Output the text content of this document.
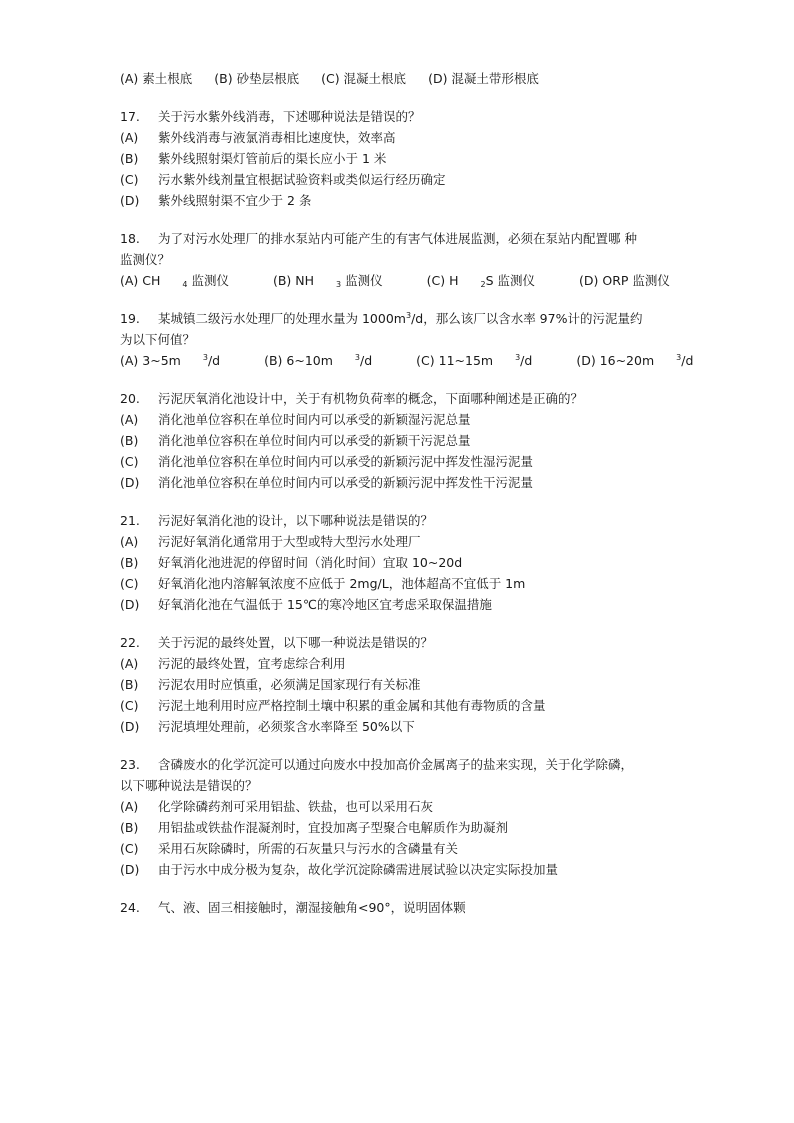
(A) 素土根底 (B) 砂垫层根底 (C) 混凝土根底 (D) 混凝土带形根底
17.	关于污水紫外线消毒，下述哪种说法是错误的？
(A)	紫外线消毒与液氯消毒相比速度快，效率高
(B)	紫外线照射渠灯管前后的渠长应小于 1 米
(C)	污水紫外线剂量宜根据试验资料或类似运行经历确定
(D)	紫外线照射渠不宜少于 2 条
18.	为了对污水处理厂的排水泵站内可能产生的有害气体进展监测，必须在泵站内配置哪 种
监测仪？
(A) CH	$_4$ 监测仪	(B) NH	$_3$ 监测仪	(C) H	$_2$S 监测仪	(D) ORP 监测仪
19.	某城镇二级污水处理厂的处理水量为 $1000m^3/d$，那么该厂以含水率 97%计的污泥量约
为以下何值？
(A) 3~5m	$^3$/d	(B) 6~10m	$^3$/d	(C) 11~15m	$^3$/d	(D) 16~20m	$^3$/d
20.	污泥厌氧消化池设计中，关于有机物负荷率的概念，下面哪种阐述是正确的？
(A)	消化池单位容积在单位时间内可以承受的新颖湿污泥总量
(B)	消化池单位容积在单位时间内可以承受的新颖干污泥总量
(C)	消化池单位容积在单位时间内可以承受的新颖污泥中挥发性湿污泥量
(D)	消化池单位容积在单位时间内可以承受的新颖污泥中挥发性干污泥量
21.	污泥好氧消化池的设计，以下哪种说法是错误的？
(A)	污泥好氧消化通常用于大型或特大型污水处理厂
(B)	好氧消化池进泥的停留时间（消化时间）宜取 10~20d
(C)	好氧消化池内溶解氧浓度不应低于 2mg/L，池体超高不宜低于 1m
(D)	好氧消化池在气温低于 15℃的寒冷地区宜考虑采取保温措施
22.	关于污泥的最终处置，以下哪一种说法是错误的？
(A)	污泥的最终处置，宜考虑综合利用
(B)	污泥农用时应慎重，必须满足国家现行有关标准
(C)	污泥土地利用时应严格控制土壤中积累的重金属和其他有毒物质的含量
(D)	污泥填埋处理前，必须浆含水率降至 50%以下
23.	含磷废水的化学沉淀可以通过向废水中投加高价金属离子的盐来实现，关于化学除磷，
以下哪种说法是错误的？
(A)	化学除磷药剂可采用铝盐、铁盐，也可以采用石灰
(B)	用铝盐或铁盐作混凝剂时，宜投加离子型聚合电解质作为助凝剂
(C)	采用石灰除磷时，所需的石灰量只与污水的含磷量有关
(D)	由于污水中成分极为复杂，故化学沉淀除磷需进展试验以决定实际投加量
24.	气、液、固三相接触时，潮湿接触角<90°，说明固体颗
